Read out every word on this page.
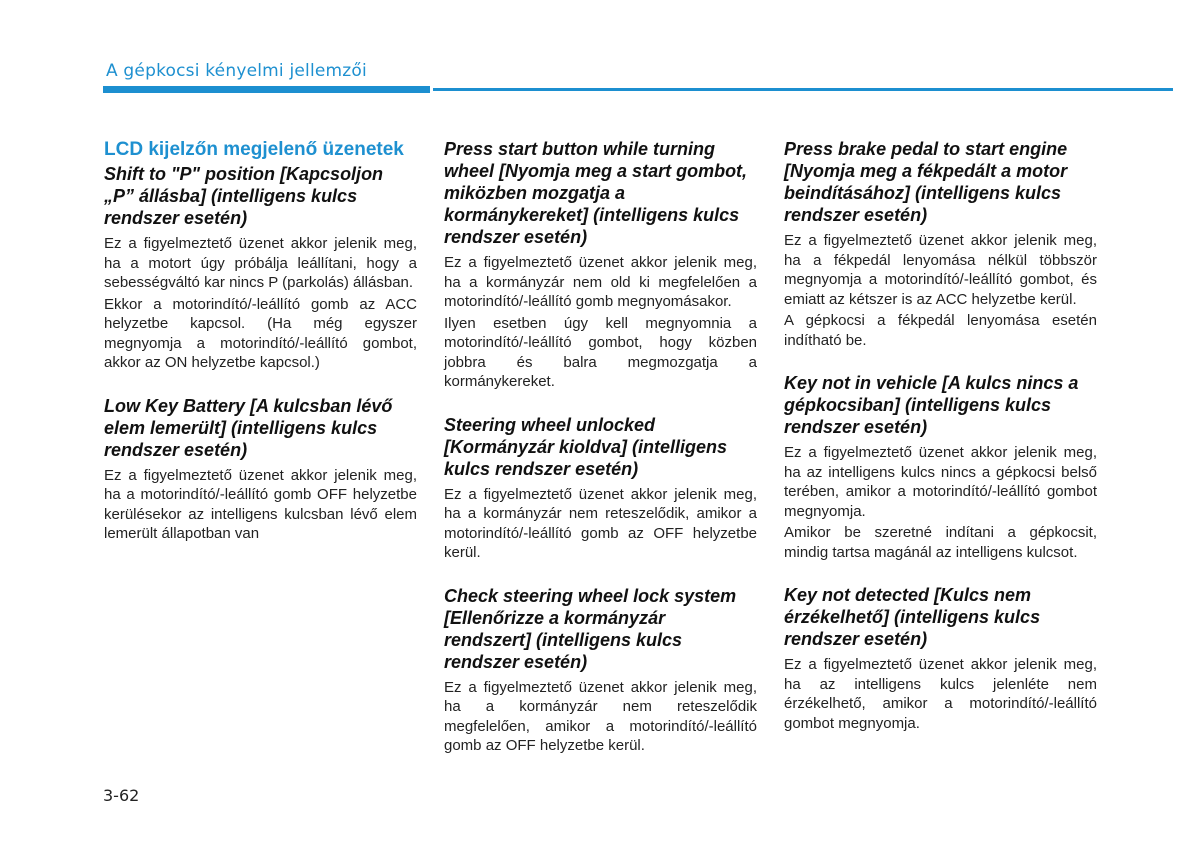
A gépkocsi kényelmi jellemzői
LCD kijelzőn megjelenő üzenetek
Shift to "P" position [Kapcsoljon „P” állásba] (intelligens kulcs rendszer esetén)

Ez a figyelmeztető üzenet akkor jelenik meg, ha a motort úgy próbálja leállítani, hogy a sebességváltó kar nincs P (parkolás) állásban.

Ekkor a motorindító/-leállító gomb az ACC helyzetbe kapcsol. (Ha még egyszer megnyomja a motorindító/-leállító gombot, akkor az ON helyzetbe kapcsol.)

Low Key Battery [A kulcsban lévő elem lemerült] (intelligens kulcs rendszer esetén)

Ez a figyelmeztető üzenet akkor jelenik meg, ha a motorindító/-leállító gomb OFF helyzetbe kerülésekor az intelligens kulcsban lévő elem lemerült állapotban van

Press start button while turning wheel [Nyomja meg a start gombot, miközben mozgatja a kormánykereket] (intelligens kulcs rendszer esetén)

Ez a figyelmeztető üzenet akkor jelenik meg, ha a kormányzár nem old ki megfelelően a motorindító/-leállító gomb megnyomásakor.

Ilyen esetben úgy kell megnyomnia a motorindító/-leállító gombot, hogy közben jobbra és balra megmozgatja a kormánykereket.

Steering wheel unlocked [Kormányzár kioldva] (intelligens kulcs rendszer esetén)

Ez a figyelmeztető üzenet akkor jelenik meg, ha a kormányzár nem reteszelődik, amikor a motorindító/-leállító gomb az OFF helyzetbe kerül.

Check steering wheel lock system [Ellenőrizze a kormányzár rendszert] (intelligens kulcs rendszer esetén)

Ez a figyelmeztető üzenet akkor jelenik meg, ha a kormányzár nem reteszelődik megfelelően, amikor a motorindító/-leállító gomb az OFF helyzetbe kerül.

Press brake pedal to start engine [Nyomja meg a fékpedált a motor beindításához] (intelligens kulcs rendszer esetén)

Ez a figyelmeztető üzenet akkor jelenik meg, ha a fékpedál lenyomása nélkül többször megnyomja a motorindító/-leállító gombot, és emiatt az kétszer is az ACC helyzetbe kerül.

A gépkocsi a fékpedál lenyomása esetén indítható be.

Key not in vehicle [A kulcs nincs a gépkocsiban] (intelligens kulcs rendszer esetén)

Ez a figyelmeztető üzenet akkor jelenik meg, ha az intelligens kulcs nincs a gépkocsi belső terében, amikor a motorindító/-leállító gombot megnyomja.

Amikor be szeretné indítani a gépkocsit, mindig tartsa magánál az intelligens kulcsot.

Key not detected [Kulcs nem érzékelhető] (intelligens kulcs rendszer esetén)

Ez a figyelmeztető üzenet akkor jelenik meg, ha az intelligens kulcs jelenléte nem érzékelhető, amikor a motorindító/-leállító gombot megnyomja.

3-62
